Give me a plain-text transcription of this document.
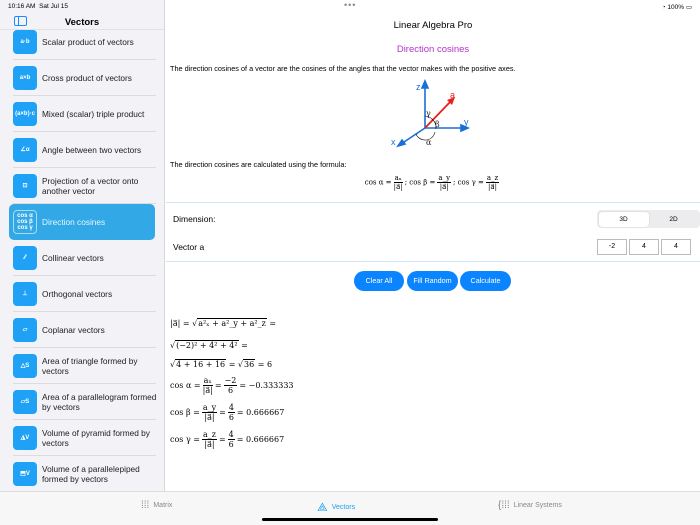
10:16 AM Sat Jul 15	•••	◔ 100% ▭
Vectors
a·b	Scalar product of vectors
a×b	Cross product of vectors
(a×b)·c Mixed (scalar) triple product
∠α	Angle between two vectors
⊡	Projection of a vector onto another vector
cos α cos β cos γ
Direction cosines
⁄⁄	Collinear vectors
⊥	Orthogonal vectors
▱	Coplanar vectors
△S	Area of triangle formed by vectors
▱S	Area of a parallelogram formed by vectors
◮V	Volume of pyramid formed by vectors
⬒V	Volume of a parallelepiped formed by vectors
Linear Algebra Pro
Direction cosines
The direction cosines of a vector are the cosines of the angles that the vector makes with the positive axes.
z
y
x
a
γ
β
α
The direction cosines are calculated using the formula:
$\cos \alpha = \frac{\text{aₓ}}{|a⃗|}$ ; $\cos \beta = \frac{a\_y}{|a⃗|}$ ; $\cos \gamma = \frac{a\_z}{|a⃗|}$
Dimension:	3D	2D
Vector a	-2	4	4
Clear All	Fill Random	Calculate
|a⃗| = √ a²ₓ + a²_y + a²_z
=
√ (−2)² + 4² + 4²
=
√ 4 + 16 + 16
= √ 36
= 6
$\cos \alpha = \frac{\text{aₓ}}{|a⃗|} = \frac{-2}{6} = -0.333333$
$\cos \beta = \frac{a\_y}{|a⃗|} = \frac{4}{6} = 0.666667$
$\cos \gamma = \frac{a\_z}{|a⃗|} = \frac{4}{6} = 0.666667$
⁞⁞⁞ Matrix	⟁ Vectors	{⁞⁞⁞ Linear Systems
